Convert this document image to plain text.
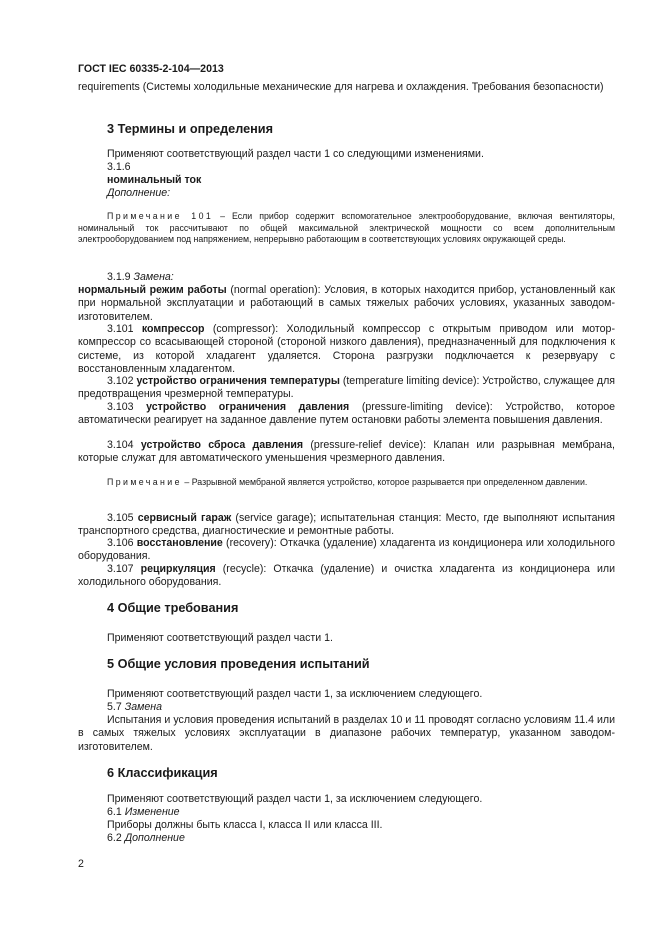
ГОСТ IEC 60335-2-104—2013

requirements (Системы холодильные механические для нагрева и охлаждения. Требования безопасности)

3 Термины и определения

Применяют соответствующий раздел части 1 со следующими изменениями.

3.1.6

номинальный ток

Дополнение:

Примечание 101 – Если прибор содержит вспомогательное электрооборудование, включая вентиляторы, номинальный ток рассчитывают по общей максимальной электрической мощности со всем дополнительным электрооборудованием под напряжением, непрерывно работающим в соответствующих условиях окружающей среды.

3.1.9 Замена:

нормальный режим работы (normal operation): Условия, в которых находится прибор, установленный как при нормальной эксплуатации и работающий в самых тяжелых рабочих условиях, указанных заводом-изготовителем.

3.101 компрессор (compressor): Холодильный компрессор с открытым приводом или мотор-компрессор со всасывающей стороной (стороной низкого давления), предназначенный для подключения к системе, из которой хладагент удаляется. Сторона разгрузки подключается к резервуару с восстановленным хладагентом.

3.102 устройство ограничения температуры (temperature limiting device): Устройство, служащее для предотвращения чрезмерной температуры.

3.103 устройство ограничения давления (pressure-limiting device): Устройство, которое автоматически реагирует на заданное давление путем остановки работы элемента повышения давления.

3.104 устройство сброса давления (pressure-relief device): Клапан или разрывная мембрана, которые служат для автоматического уменьшения чрезмерного давления.

Примечание – Разрывной мембраной является устройство, которое разрывается при определенном давлении.

3.105 сервисный гараж (service garage); испытательная станция: Место, где выполняют испытания транспортного средства, диагностические и ремонтные работы.

3.106 восстановление (recovery): Откачка (удаление) хладагента из кондиционера или холодильного оборудования.

3.107 рециркуляция (recycle): Откачка (удаление) и очистка хладагента из кондиционера или холодильного оборудования.

4 Общие требования

Применяют соответствующий раздел части 1.

5 Общие условия проведения испытаний

Применяют соответствующий раздел части 1, за исключением следующего.

5.7 Замена

Испытания и условия проведения испытаний в разделах 10 и 11 проводят согласно условиям 11.4 или в самых тяжелых условиях эксплуатации в диапазоне рабочих температур, указанном заводом-изготовителем.

6 Классификация

Применяют соответствующий раздел части 1, за исключением следующего.

6.1 Изменение

Приборы должны быть класса I, класса II или класса III.

6.2 Дополнение

2
